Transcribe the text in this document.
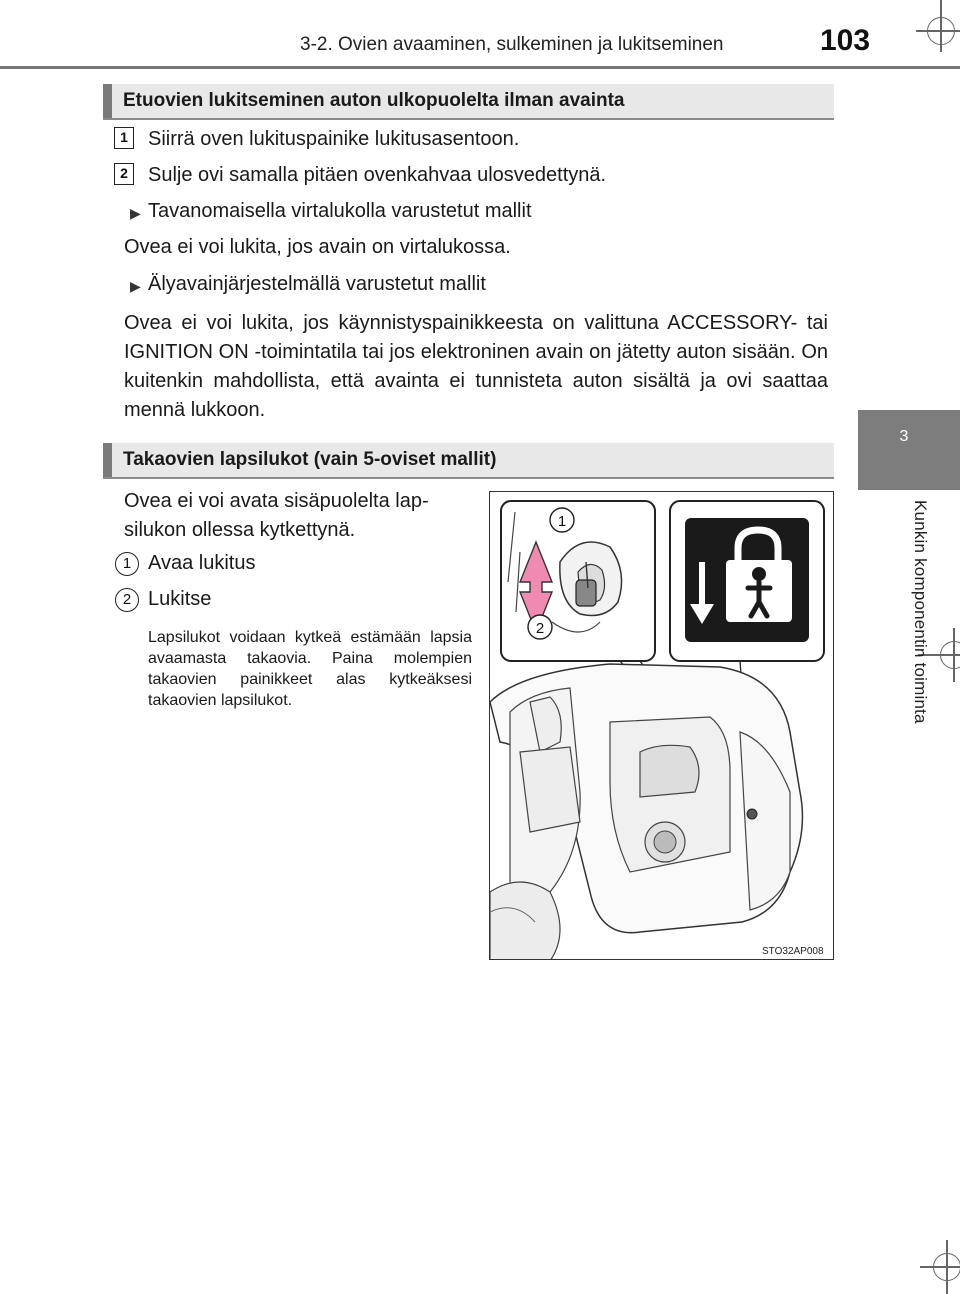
3-2. Ovien avaaminen, sulkeminen ja lukitseminen	103
3
Kunkin komponentin toiminta
Etuovien lukitseminen auton ulkopuolelta ilman avainta
1	Siirrä oven lukituspainike lukitusasentoon.
2	Sulje ovi samalla pitäen ovenkahvaa ulosvedettynä.
▶ Tavanomaisella virtalukolla varustetut mallit
Ovea ei voi lukita, jos avain on virtalukossa.
▶ Älyavainjärjestelmällä varustetut mallit
Ovea ei voi lukita, jos käynnistyspainikkeesta on valittuna ACCESSORY- tai IGNITION ON -toimintatila tai jos elektroninen avain on jätetty auton sisään. On kuitenkin mahdollista, että avainta ei tunnisteta auton sisältä ja ovi saattaa mennä lukkoon.
Takaovien lapsilukot (vain 5-oviset mallit)
Ovea ei voi avata sisäpuolelta lap-silukon ollessa kytkettynä.
1 Avaa lukitus
2 Lukitse
Lapsilukot voidaan kytkeä estämään lapsia avaamasta takaovia. Paina molempien takaovien painikkeet alas kytkeäksesi takaovien lapsilukot.
1
2
STO32AP008
